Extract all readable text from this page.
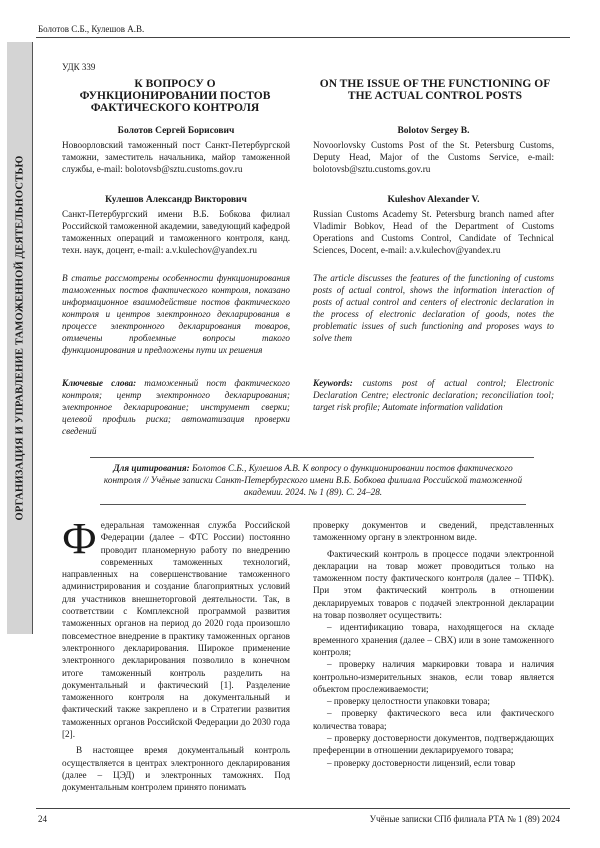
Болотов С.Б., Кулешов А.В.
ОРГАНИЗАЦИЯ И УПРАВЛЕНИЕ ТАМОЖЕННОЙ ДЕЯТЕЛЬНОСТЬЮ
УДК 339
К ВОПРОСУ О ФУНКЦИОНИРОВАНИИ ПОСТОВ ФАКТИЧЕСКОГО КОНТРОЛЯ
ON THE ISSUE OF THE FUNCTIONING OF THE ACTUAL CONTROL POSTS
Болотов Сергей Борисович
Новоорловский таможенный пост Санкт-Петербургской таможни, заместитель начальника, майор таможенной службы, e-mail: bolotovsb@sztu.customs.gov.ru
Кулешов Александр Викторович
Санкт-Петербургский имени В.Б. Бобкова филиал Российской таможенной академии, заведующий кафедрой таможенных операций и таможенного контроля, канд. техн. наук, доцент, e-mail: a.v.kulechov@yandex.ru
В статье рассмотрены особенности функционирования таможенных постов фактического контроля, показано информационное взаимодействие постов фактического контроля и центров электронного декларирования в процессе электронного декларирования товаров, отмечены проблемные вопросы такого функционирования и предложены пути их решения
Ключевые слова: таможенный пост фактического контроля; центр электронного декларирования; электронное декларирование; инструмент сверки; целевой профиль риска; автоматизация проверки сведений
Bolotov Sergey B.
Novoorlovsky Customs Post of the St. Petersburg Customs, Deputy Head, Major of the Customs Service, e-mail: bolotovsb@sztu.customs.gov.ru
Kuleshov Alexander V.
Russian Customs Academy St. Petersburg branch named after Vladimir Bobkov, Head of the Department of Customs Operations and Customs Control, Candidate of Technical Sciences, Docent, e-mail: a.v.kulechov@yandex.ru
The article discusses the features of the functioning of customs posts of actual control, shows the information interaction of posts of actual control and centers of electronic declaration in the process of electronic declaration of goods, notes the problematic issues of such functioning and proposes ways to solve them
Keywords: customs post of actual control; Electronic Declaration Centre; electronic declaration; reconciliation tool; target risk profile; Automate information validation
Для цитирования: Болотов С.Б., Кулешов А.В. К вопросу о функционировании постов фактического контроля // Учёные записки Санкт-Петербургского имени В.Б. Бобкова филиала Российской таможенной академии. 2024. № 1 (89). С. 24–28.

Федеральная таможенная служба Российской Федерации (далее – ФТС России) постоянно проводит планомерную работу по внедрению современных таможенных технологий, направленных на совершенствование таможенного администрирования и создание благоприятных условий для участников внешнеторговой деятельности. Так, в соответствии с Комплексной программой развития таможенных органов на период до 2020 года произошло повсеместное внедрение в практику таможенных органов электронного декларирования. Широкое применение электронного декларирования позволило в конечном итоге таможенный контроль разделить на документальный и фактический [1]. Разделение таможенного контроля на документальный и фактический также закреплено и в Стратегии развития таможенных органов Российской Федерации до 2030 года [2].

В настоящее время документальный контроль осуществляется в центрах электронного декларирования (далее – ЦЭД) и электронных таможнях. Под документальным контролем принято понимать

проверку документов и сведений, представленных таможенному органу в электронном виде.

Фактический контроль в процессе подачи электронной декларации на товар может проводиться только на таможенном посту фактического контроля (далее – ТПФК). При этом фактический контроль в отношении декларируемых товаров с подачей электронной декларации на товар позволяет осуществить:

– идентификацию товара, находящегося на складе временного хранения (далее – СВХ) или в зоне таможенного контроля;

– проверку наличия маркировки товара и наличия контрольно-измерительных знаков, если товар является объектом прослеживаемости;

– проверку целостности упаковки товара;

– проверку фактического веса или фактического количества товара;

– проверку достоверности документов, подтверждающих преференции в отношении декларируемого товара;

– проверку достоверности лицензий, если товар

24	Учёные записки СПб филиала РТА № 1 (89) 2024
